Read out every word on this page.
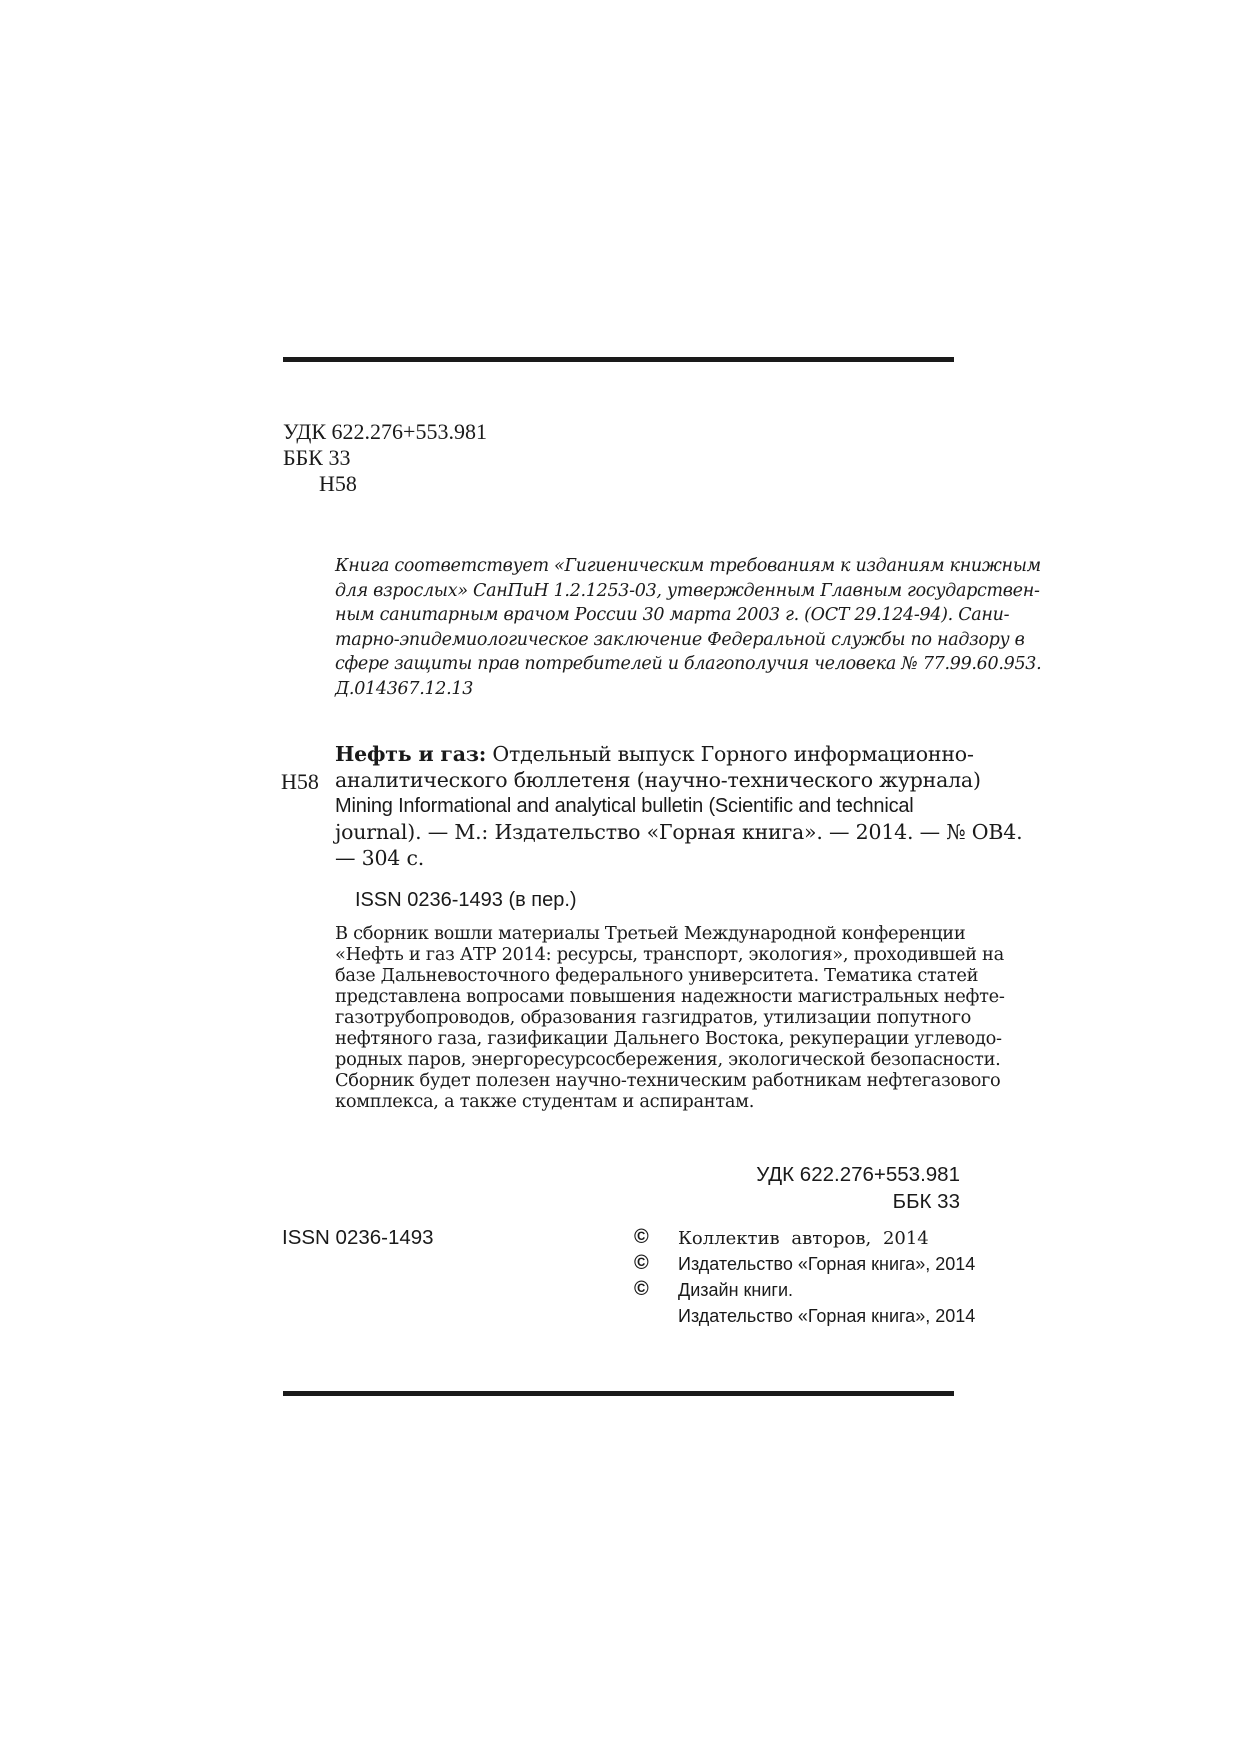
УДК 622.276+553.981
ББК 33
Н58
Книга соответствует «Гигиеническим требованиям к изданиям книжным
для взрослых» СанПиН 1.2.1253-03, утвержденным Главным государствен-
ным санитарным врачом России 30 марта 2003 г. (ОСТ 29.124-94). Сани-
тарно-эпидемиологическое заключение Федеральной службы по надзору в
сфере защиты прав потребителей и благополучия человека № 77.99.60.953.
Д.014367.12.13
Н58
Нефть и газ: Отдельный выпуск Горного информационно-
аналитического бюллетеня (научно-технического журнала)
Mining Informational and analytical bulletin (Scientific and technical
journal). — М.: Издательство «Горная книга». — 2014. — № ОВ4.
— 304 с.
ISSN 0236-1493 (в пер.)
В сборник вошли материалы Третьей Международной конференции
«Нефть и газ АТР 2014: ресурсы, транспорт, экология», проходившей на
базе Дальневосточного федерального университета. Тематика статей
представлена вопросами повышения надежности магистральных нефте-
газотрубопроводов, образования газгидратов, утилизации попутного
нефтяного газа, газификации Дальнего Востока, рекуперации углеводо-
родных паров, энергоресурсосбережения, экологической безопасности.
Сборник будет полезен научно-техническим работникам нефтегазового
комплекса, а также студентам и аспирантам.
УДК 622.276+553.981
ББК 33
ISSN 0236-1493	© Коллектив авторов, 2014
© Издательство «Горная книга», 2014
© Дизайн книги.
Издательство «Горная книга», 2014
